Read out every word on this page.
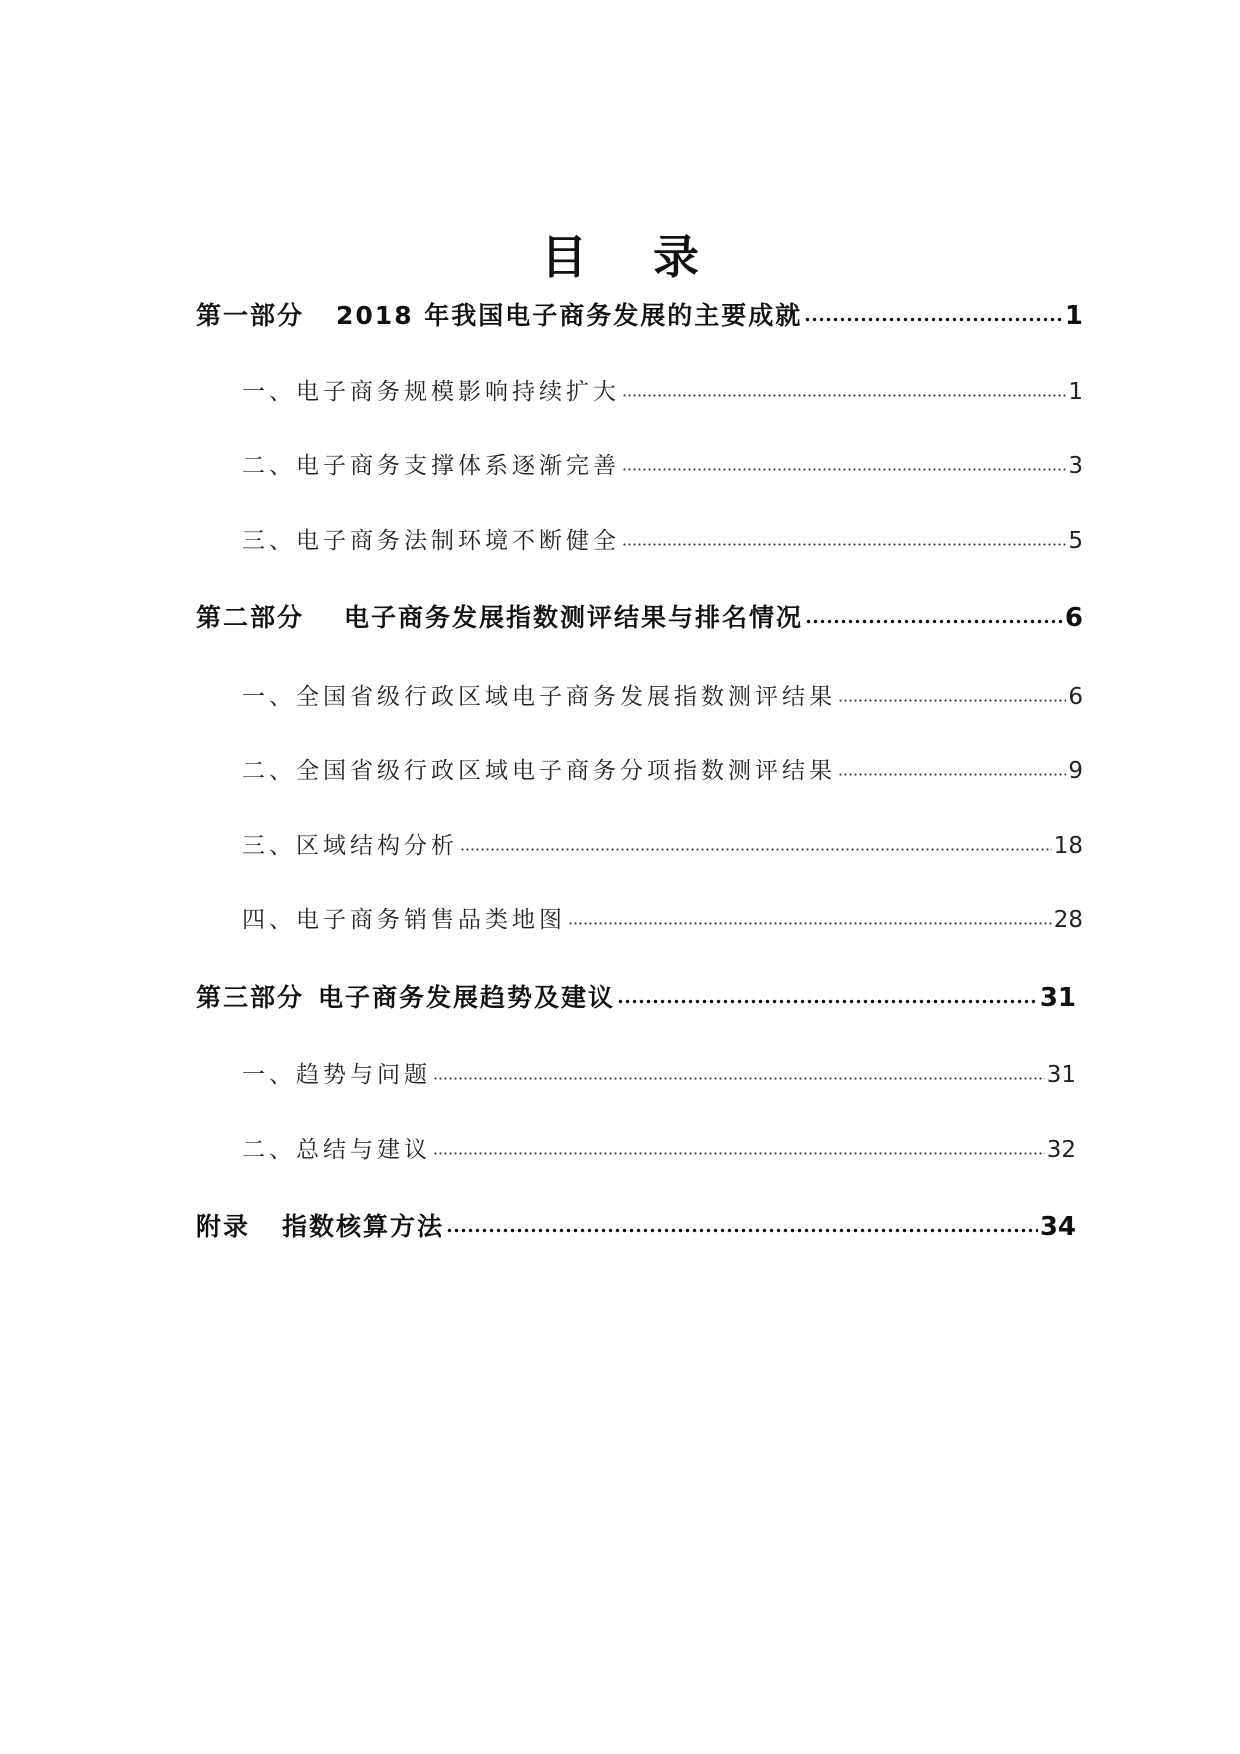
目 录
第一部分 2018 年我国电子商务发展的主要成就	1
一、电子商务规模影响持续扩大	1
二、电子商务支撑体系逐渐完善	3
三、电子商务法制环境不断健全	5
第二部分 电子商务发展指数测评结果与排名情况	6
一、全国省级行政区域电子商务发展指数测评结果	6
二、全国省级行政区域电子商务分项指数测评结果	9
三、区域结构分析	18
四、电子商务销售品类地图	28
第三部分 电子商务发展趋势及建议	31
一、趋势与问题	31
二、总结与建议	32
附录 指数核算方法	34
